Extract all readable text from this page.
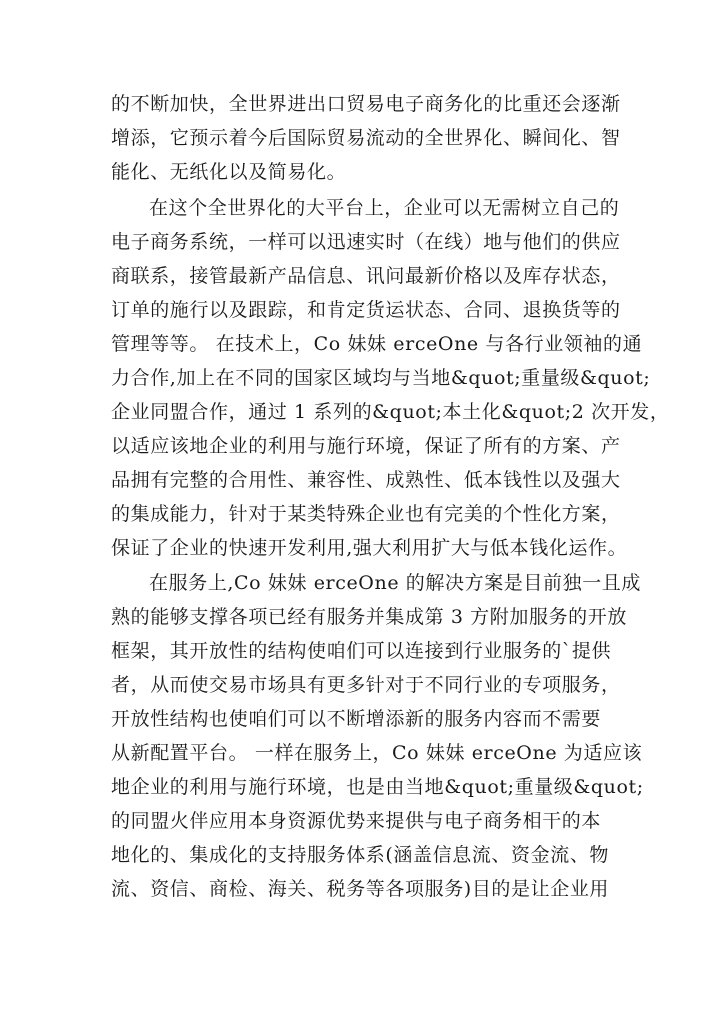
的不断加快，全世界进出口贸易电子商务化的比重还会逐渐
增添，它预示着今后国际贸易流动的全世界化、瞬间化、智
能化、无纸化以及简易化。
在这个全世界化的大平台上，企业可以无需树立自己的
电子商务系统，一样可以迅速实时（在线）地与他们的供应
商联系，接管最新产品信息、讯问最新价格以及库存状态，
订单的施行以及跟踪，和肯定货运状态、合同、退换货等的
管理等等。 在技术上，Co 妹妹 erceOne 与各行业领袖的通
力合作,加上在不同的国家区域均与当地&quot;重量级&quot;
企业同盟合作，通过 1 系列的&quot;本土化&quot;2 次开发，
以适应该地企业的利用与施行环境，保证了所有的方案、产
品拥有完整的合用性、兼容性、成熟性、低本钱性以及强大
的集成能力，针对于某类特殊企业也有完美的个性化方案，
保证了企业的快速开发利用,强大利用扩大与低本钱化运作。
在服务上,Co 妹妹 erceOne 的解决方案是目前独一且成
熟的能够支撑各项已经有服务并集成第 3 方附加服务的开放
框架，其开放性的结构使咱们可以连接到行业服务的`提供
者，从而使交易市场具有更多针对于不同行业的专项服务，
开放性结构也使咱们可以不断增添新的服务内容而不需要
从新配置平台。 一样在服务上，Co 妹妹 erceOne 为适应该
地企业的利用与施行环境，也是由当地&quot;重量级&quot;
的同盟火伴应用本身资源优势来提供与电子商务相干的本
地化的、集成化的支持服务体系(涵盖信息流、资金流、物
流、资信、商检、海关、税务等各项服务)目的是让企业用
